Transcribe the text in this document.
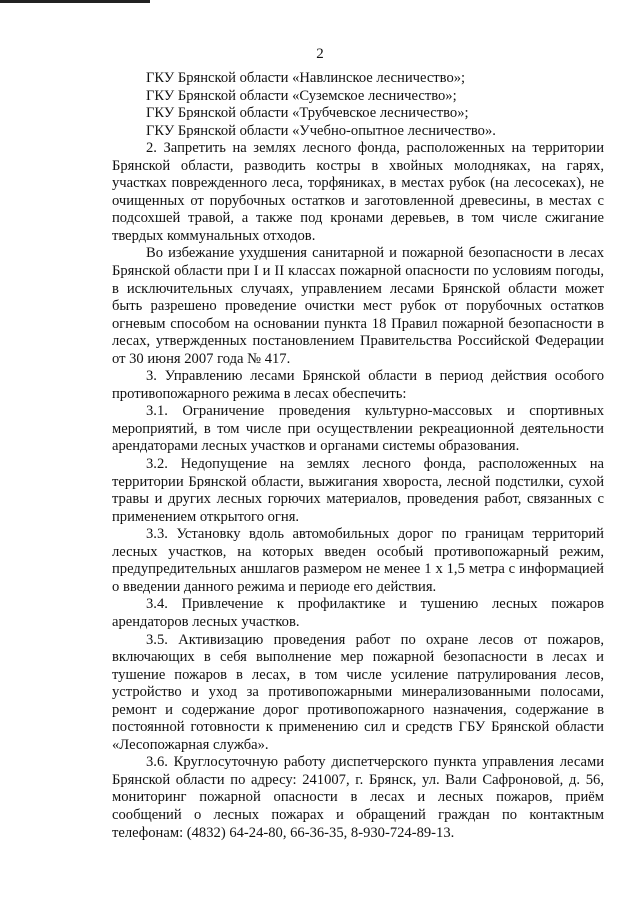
2

ГКУ Брянской области «Навлинское лесничество»;

ГКУ Брянской области «Суземское лесничество»;

ГКУ Брянской области «Трубчевское лесничество»;

ГКУ Брянской области «Учебно-опытное лесничество».

2. Запретить на землях лесного фонда, расположенных на территории Брянской области, разводить костры в хвойных молодняках, на гарях, участках поврежденного леса, торфяниках, в местах рубок (на лесосеках), не очищенных от порубочных остатков и заготовленной древесины, в местах с подсохшей травой, а также под кронами деревьев, в том числе сжигание твердых коммунальных отходов.

Во избежание ухудшения санитарной и пожарной безопасности в лесах Брянской области при I и II классах пожарной опасности по условиям погоды, в исключительных случаях, управлением лесами Брянской области может быть разрешено проведение очистки мест рубок от порубочных остатков огневым способом на основании пункта 18 Правил пожарной безопасности в лесах, утвержденных постановлением Правительства Российской Федерации от 30 июня 2007 года № 417.

3. Управлению лесами Брянской области в период действия особого противопожарного режима в лесах обеспечить:

3.1. Ограничение проведения культурно-массовых и спортивных мероприятий, в том числе при осуществлении рекреационной деятельности арендаторами лесных участков и органами системы образования.

3.2. Недопущение на землях лесного фонда, расположенных на территории Брянской области, выжигания хвороста, лесной подстилки, сухой травы и других лесных горючих материалов, проведения работ, связанных с применением открытого огня.

3.3. Установку вдоль автомобильных дорог по границам территорий лесных участков, на которых введен особый противопожарный режим, предупредительных аншлагов размером не менее 1 х 1,5 метра с информацией о введении данного режима и периоде его действия.

3.4. Привлечение к профилактике и тушению лесных пожаров арендаторов лесных участков.

3.5. Активизацию проведения работ по охране лесов от пожаров, включающих в себя выполнение мер пожарной безопасности в лесах и тушение пожаров в лесах, в том числе усиление патрулирования лесов, устройство и уход за противопожарными минерализованными полосами, ремонт и содержание дорог противопожарного назначения, содержание в постоянной готовности к применению сил и средств ГБУ Брянской области «Лесопожарная служба».

3.6. Круглосуточную работу диспетчерского пункта управления лесами Брянской области по адресу: 241007, г. Брянск, ул. Вали Сафроновой, д. 56, мониторинг пожарной опасности в лесах и лесных пожаров, приём сообщений о лесных пожарах и обращений граждан по контактным телефонам: (4832) 64-24-80, 66-36-35, 8-930-724-89-13.
